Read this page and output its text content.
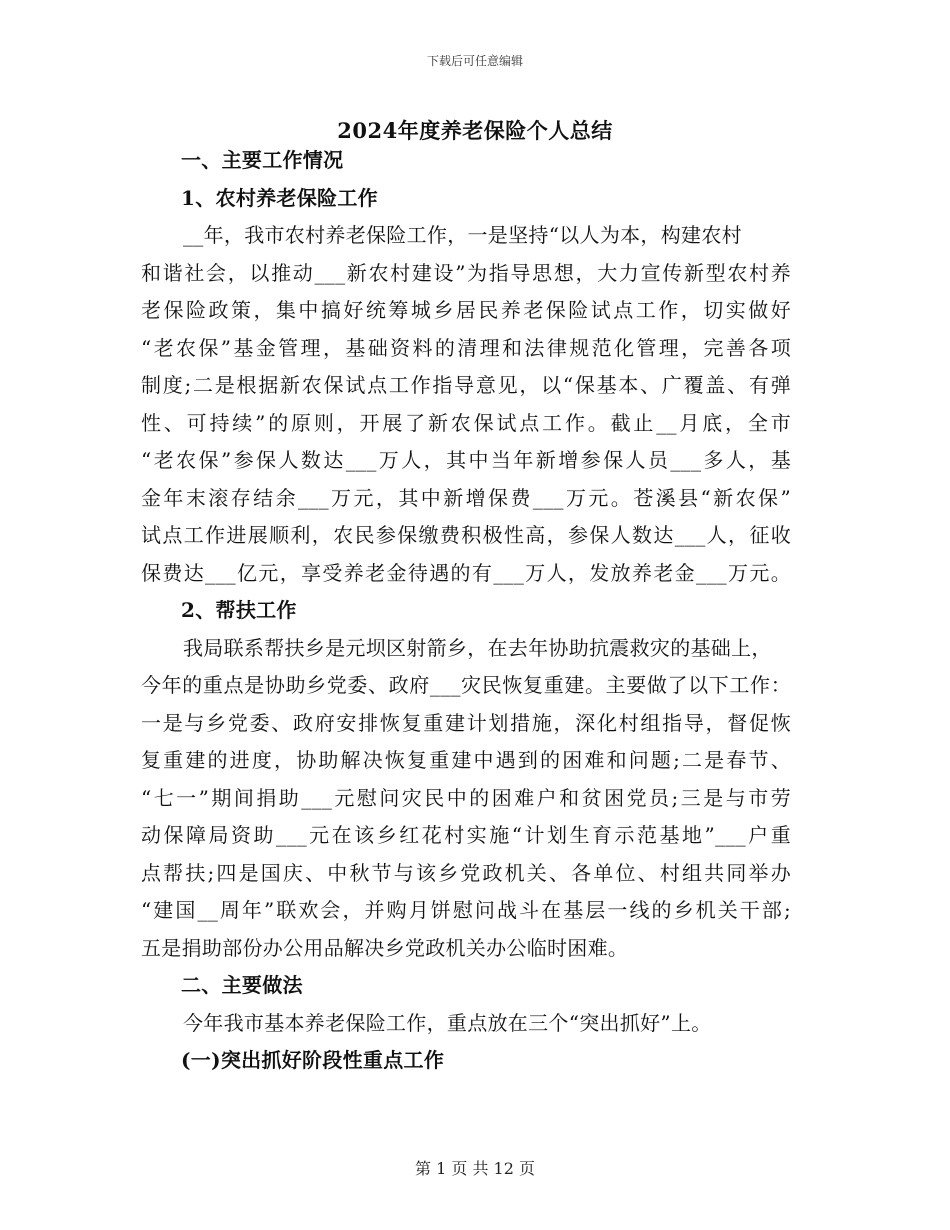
下载后可任意编辑
2024年度养老保险个人总结
一、主要工作情况
1、农村养老保险工作
__年，我市农村养老保险工作，一是坚持“以人为本，构建农村
和谐社会，以推动___新农村建设”为指导思想，大力宣传新型农村养
老保险政策，集中搞好统筹城乡居民养老保险试点工作，切实做好
“老农保”基金管理，基础资料的清理和法律规范化管理，完善各项
制度;二是根据新农保试点工作指导意见，以“保基本、广覆盖、有弹
性、可持续”的原则，开展了新农保试点工作。截止__月底，全市
“老农保”参保人数达___万人，其中当年新增参保人员___多人，基
金年末滚存结余___万元，其中新增保费___万元。苍溪县“新农保”
试点工作进展顺利，农民参保缴费积极性高，参保人数达___人，征收
保费达___亿元，享受养老金待遇的有___万人，发放养老金___万元。
2、帮扶工作
我局联系帮扶乡是元坝区射箭乡，在去年协助抗震救灾的基础上，
今年的重点是协助乡党委、政府___灾民恢复重建。主要做了以下工作：
一是与乡党委、政府安排恢复重建计划措施，深化村组指导，督促恢
复重建的进度，协助解决恢复重建中遇到的困难和问题;二是春节、
“七一”期间捐助___元慰问灾民中的困难户和贫困党员;三是与市劳
动保障局资助___元在该乡红花村实施“计划生育示范基地”___户重
点帮扶;四是国庆、中秋节与该乡党政机关、各单位、村组共同举办
“建国__周年”联欢会，并购月饼慰问战斗在基层一线的乡机关干部;
五是捐助部份办公用品解决乡党政机关办公临时困难。
二、主要做法
今年我市基本养老保险工作，重点放在三个“突出抓好”上。
(一)突出抓好阶段性重点工作
第 1 页 共 12 页
